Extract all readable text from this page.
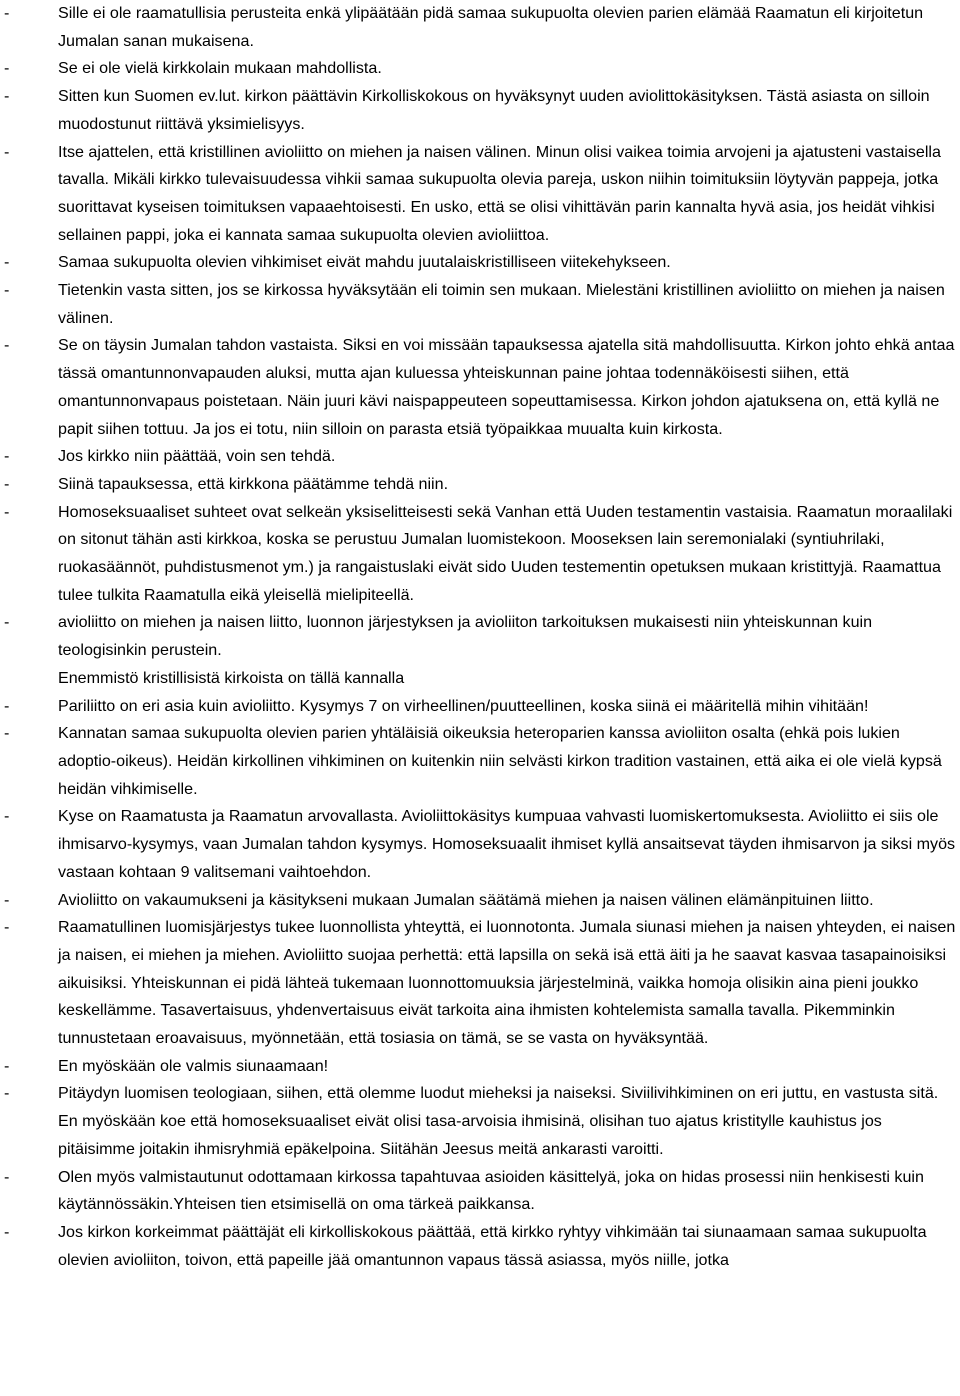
-	Sille ei ole raamatullisia perusteita enkä ylipäätään pidä samaa sukupuolta olevien parien elämää Raamatun eli kirjoitetun Jumalan sanan mukaisena.
-	Se ei ole vielä kirkkolain mukaan mahdollista.
-	Sitten kun Suomen ev.lut. kirkon päättävin Kirkolliskokous on hyväksynyt uuden aviolittokäsityksen. Tästä asiasta on silloin muodostunut riittävä yksimielisyys.
-	Itse ajattelen, että kristillinen avioliitto on miehen ja naisen välinen. Minun olisi vaikea toimia arvojeni ja ajatusteni vastaisella tavalla. Mikäli kirkko tulevaisuudessa vihkii samaa sukupuolta olevia pareja, uskon niihin toimituksiin löytyvän pappeja, jotka suorittavat kyseisen toimituksen vapaaehtoisesti. En usko, että se olisi vihittävän parin kannalta hyvä asia, jos heidät vihkisi sellainen pappi, joka ei kannata samaa sukupuolta olevien avioliittoa.
-	Samaa sukupuolta olevien vihkimiset eivät mahdu juutalaiskristilliseen viitekehykseen.
-	Tietenkin vasta sitten, jos se kirkossa hyväksytään eli toimin sen mukaan. Mielestäni kristillinen avioliitto on miehen ja naisen välinen.
-	Se on täysin Jumalan tahdon vastaista. Siksi en voi missään tapauksessa ajatella sitä mahdollisuutta. Kirkon johto ehkä antaa tässä omantunnonvapauden aluksi, mutta ajan kuluessa yhteiskunnan paine johtaa todennäköisesti siihen, että omantunnonvapaus poistetaan. Näin juuri kävi naispappeuteen sopeuttamisessa. Kirkon johdon ajatuksena on, että kyllä ne papit siihen tottuu. Ja jos ei totu, niin silloin on parasta etsiä työpaikkaa muualta kuin kirkosta.
-	Jos kirkko niin päättää, voin sen tehdä.
-	Siinä tapauksessa, että kirkkona päätämme tehdä niin.
-	Homoseksuaaliset suhteet ovat selkeän yksiselitteisesti sekä Vanhan että Uuden testamentin vastaisia. Raamatun moraalilaki on sitonut tähän asti kirkkoa, koska se perustuu Jumalan luomistekoon. Mooseksen lain seremonialaki (syntiuhrilaki, ruokasäännöt, puhdistusmenot ym.) ja rangaistuslaki eivät sido Uuden testementin opetuksen mukaan kristittyjä. Raamattua tulee tulkita Raamatulla eikä yleisellä mielipiteellä.
-	avioliitto on miehen ja naisen liitto, luonnon järjestyksen ja avioliiton tarkoituksen mukaisesti niin yhteiskunnan kuin teologisinkin perustein.
Enemmistö kristillisistä kirkoista on tällä kannalla
-	Pariliitto on eri asia kuin avioliitto. Kysymys 7 on virheellinen/puutteellinen, koska siinä ei määritellä mihin vihitään!
-	Kannatan samaa sukupuolta olevien parien yhtäläisiä oikeuksia heteroparien kanssa avioliiton osalta (ehkä pois lukien adoptio-oikeus). Heidän kirkollinen vihkiminen on kuitenkin niin selvästi kirkon tradition vastainen, että aika ei ole vielä kypsä heidän vihkimiselle.
-	Kyse on Raamatusta ja Raamatun arvovallasta. Avioliittokäsitys kumpuaa vahvasti luomiskertomuksesta. Avioliitto ei siis ole ihmisarvo-kysymys, vaan Jumalan tahdon kysymys. Homoseksuaalit ihmiset kyllä ansaitsevat täyden ihmisarvon ja siksi myös vastaan kohtaan 9 valitsemani vaihtoehdon.
-	Avioliitto on vakaumukseni ja käsitykseni mukaan Jumalan säätämä miehen ja naisen välinen elämänpituinen liitto.
-	Raamatullinen luomisjärjestys tukee luonnollista yhteyttä, ei luonnotonta. Jumala siunasi miehen ja naisen yhteyden, ei naisen ja naisen, ei miehen ja miehen. Avioliitto suojaa perhettä: että lapsilla on sekä isä että äiti ja he saavat kasvaa tasapainoisiksi aikuisiksi. Yhteiskunnan ei pidä lähteä tukemaan luonnottomuuksia järjestelminä, vaikka homoja olisikin aina pieni joukko keskellämme. Tasavertaisuus, yhdenvertaisuus eivät tarkoita aina ihmisten kohtelemista samalla tavalla. Pikemminkin tunnustetaan eroavaisuus, myönnetään, että tosiasia on tämä, se se vasta on hyväksyntää.
-	En myöskään ole valmis siunaamaan!
-	Pitäydyn luomisen teologiaan, siihen, että olemme luodut mieheksi ja naiseksi. Siviilivihkiminen on eri juttu, en vastusta sitä. En myöskään koe että homoseksuaaliset eivät olisi tasa-arvoisia ihmisinä, olisihan tuo ajatus kristityllе kauhistus jos pitäisimme joitakin ihmisryhmiä epäkelpoina. Siitähän Jeesus meitä ankarasti varoitti.
-	Olen myös valmistautunut odottamaan kirkossa tapahtuvaa asioiden käsittelyä, joka on hidas prosessi niin henkisesti kuin käytännössäkin.Yhteisen tien etsimisellä on oma tärkeä paikkansa.
-	Jos kirkon korkeimmat päättäjät eli kirkolliskokous päättää, että kirkko ryhtyy vihkimään tai siunaamaan samaa sukupuolta olevien avioliiton, toivon, että papeille jää omantunnon vapaus tässä asiassa, myös niille, jotka
